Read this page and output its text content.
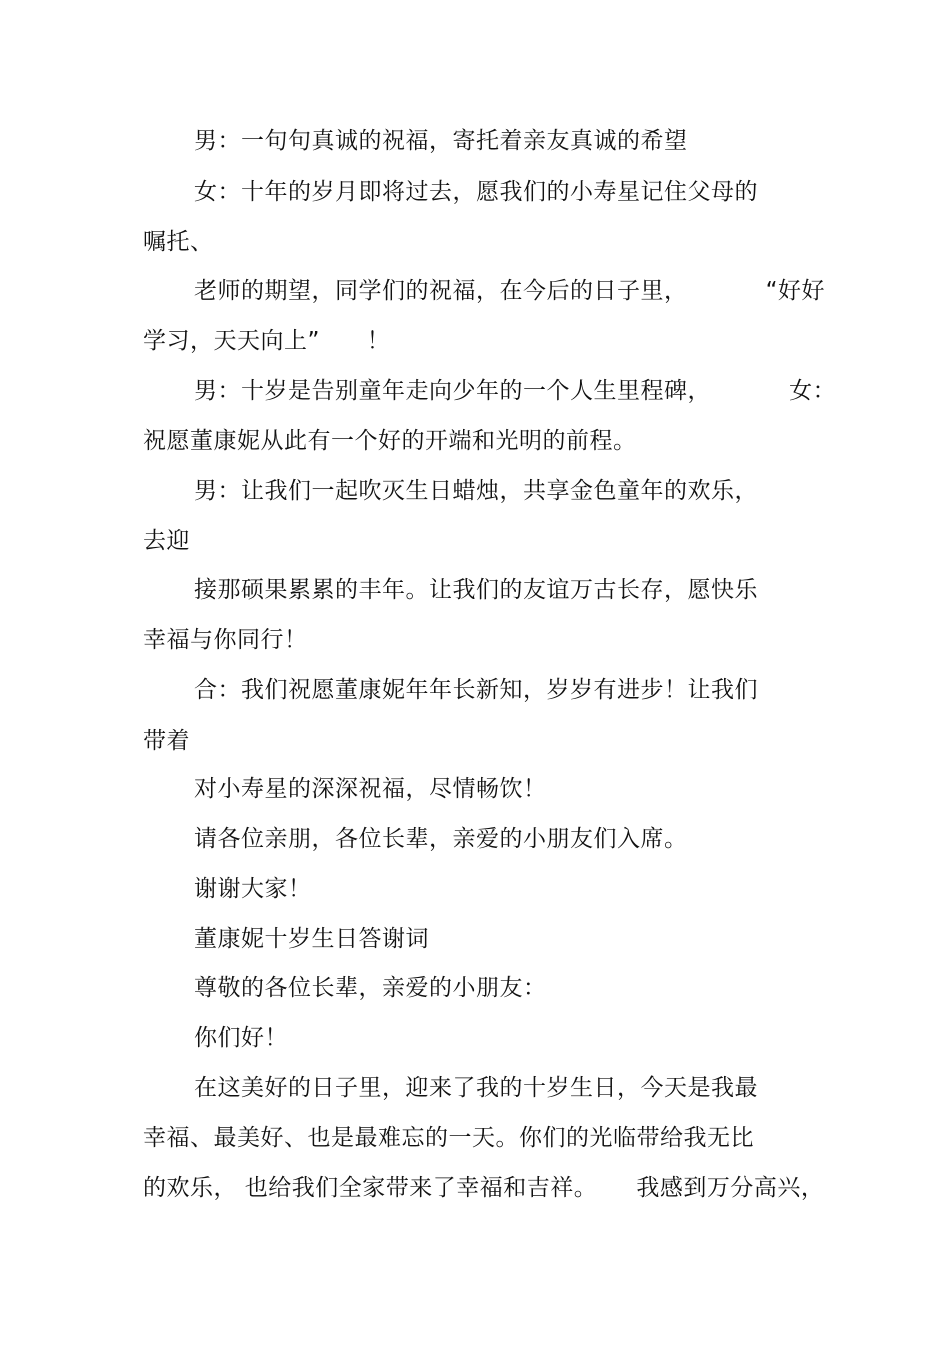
男：一句句真诚的祝福，寄托着亲友真诚的希望
女：十年的岁月即将过去，愿我们的小寿星记住父母的
嘱托、
老师的期望，同学们的祝福，在今后的日子里，          “好好
学习，天天向上”      ！
男：十岁是告别童年走向少年的一个人生里程碑，          女：
祝愿董康妮从此有一个好的开端和光明的前程。
男：让我们一起吹灭生日蜡烛，共享金色童年的欢乐，
去迎
接那硕果累累的丰年。让我们的友谊万古长存，愿快乐
幸福与你同行！
合：我们祝愿董康妮年年长新知，岁岁有进步！让我们
带着
对小寿星的深深祝福，尽情畅饮！
请各位亲朋，各位长辈，亲爱的小朋友们入席。
谢谢大家！
董康妮十岁生日答谢词
尊敬的各位长辈，亲爱的小朋友：
你们好！
在这美好的日子里，迎来了我的十岁生日，今天是我最
幸福、最美好、也是最难忘的一天。你们的光临带给我无比
的欢乐， 也给我们全家带来了幸福和吉祥。     我感到万分高兴，
